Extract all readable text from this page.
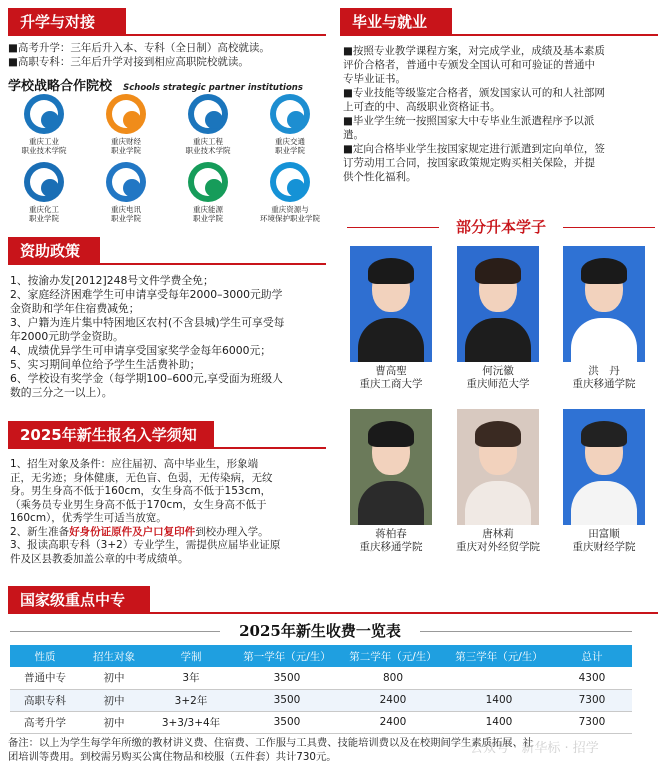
升学与对接
■高考升学：三年后升入本、专科（全日制）高校就读。
■高职专科：三年后升学对接到相应高职院校就读。
学校战略合作院校 Schools strategic partner institutions
重庆工业
职业技术学院
重庆财经
职业学院
重庆工程
职业技术学院
重庆交通
职业学院
重庆化工
职业学院
重庆电讯
职业学院
重庆能源
职业学院
重庆资源与
环境保护职业学院
资助政策
1、按渝办发[2012]248号文件学费全免；
2、家庭经济困难学生可申请享受每年2000–3000元助学
金资助和学年住宿费减免；
3、户籍为连片集中特困地区农村(不含县城)学生可享受每
年2000元助学金资助。
4、成绩优异学生可申请享受国家奖学金每年6000元；
5、实习期间单位给予学生生活费补助；
6、学校设有奖学金（每学期100–600元,享受面为班级人
数的三分之一以上）。
2025年新生报名入学须知
1、招生对象及条件：应往届初、高中毕业生，形象端
正，无劣迹；身体健康，无色盲、色弱，无传染病，无纹
身。男生身高不低于160cm，女生身高不低于153cm，
（乘务员专业男生身高不低于170cm，女生身高不低于
160cm），优秀学生可适当放宽。
2、新生准备好身份证原件及户口复印件到校办理入学。
3、报读高职专科（3+2）专业学生，需提供应届毕业证原
件及区县教委加盖公章的中考成绩单。
毕业与就业
■按照专业教学课程方案，对完成学业，成绩及基本素质
评价合格者，普通中专颁发全国认可和可验证的普通中
专毕业证书。
■专业技能等级鉴定合格者，颁发国家认可的和人社部网
上可查的中、高级职业资格证书。
■毕业学生统一按照国家大中专毕业生派遣程序予以派
遣。
■定向合格毕业学生按国家规定进行派遣到定向单位，签
订劳动用工合同，按国家政策规定购买相关保险，并提
供个性化福利。
部分升本学子
曹高聖
重庆工商大学
何沅徽
重庆师范大学
洪　丹
重庆移通学院
蒋柏春
重庆移通学院
唐林莉
重庆对外经贸学院
田富顺
重庆财经学院
国家级重点中专
2025年新生收费一览表
性质	招生对象	学制	第一学年（元/生）	第二学年（元/生）	第三学年（元/生）	总计
普通中专	初中	3年	3500	800		4300
高职专科	初中	3+2年	3500	2400	1400	7300
高考升学	初中	3+3/3+4年	3500	2400	1400	7300
备注：以上为学生每学年所缴的教材讲义费、住宿费、工作服与工具费、技能培训费以及在校期间学生素质拓展、社
团培训等费用。到校需另购买公寓住物品和校服（五件套）共计730元。
公众号 · 新华标 · 招学
